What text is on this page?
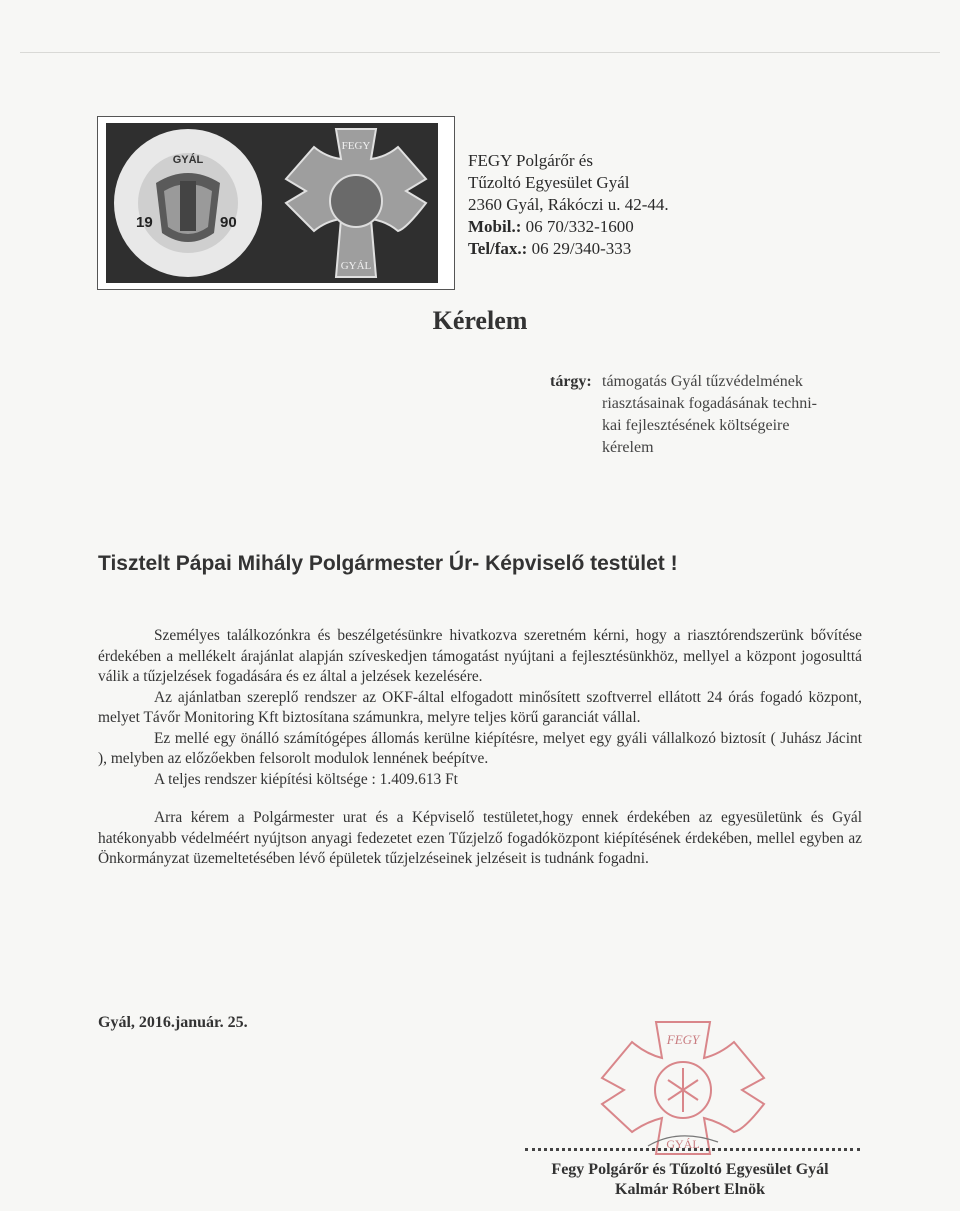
GYÁL
19	90
FEGY
GYÁL
FEGY Polgárőr és
Tűzoltó Egyesület Gyál
2360 Gyál, Rákóczi u. 42-44.
Mobil.: 06 70/332-1600
Tel/fax.: 06 29/340-333
Kérelem
tárgy: támogatás Gyál tűzvédelmének
riasztásainak fogadásának techni-
kai fejlesztésének költségeire
kérelem
Tisztelt Pápai Mihály Polgármester Úr- Képviselő testület !

Személyes találkozónkra és beszélgetésünkre hivatkozva szeretném kérni, hogy a riasztórendszerünk bővítése érdekében a mellékelt árajánlat alapján szíveskedjen támogatást nyújtani a fejlesztésünkhöz, mellyel a központ jogosulttá válik a tűzjelzések fogadására és ez által a jelzések kezelésére.

Az ajánlatban szereplő rendszer az OKF-által elfogadott minősített szoftverrel ellátott 24 órás fogadó központ, melyet Távőr Monitoring Kft biztosítana számunkra, melyre teljes körű garanciát vállal.

Ez mellé egy önálló számítógépes állomás kerülne kiépítésre, melyet egy gyáli vállalkozó biztosít ( Juhász Jácint ), melyben az előzőekben felsorolt modulok lennének beépítve.

A teljes rendszer kiépítési költsége : 1.409.613 Ft

Arra kérem a Polgármester urat és a Képviselő testületet,hogy ennek érdekében az egyesületünk és Gyál hatékonyabb védelméért nyújtson anyagi fedezetet ezen Tűzjelző fogadóközpont kiépítésének érdekében, mellel egyben az Önkormányzat üzemeltetésében lévő épületek tűzjelzéseinek jelzéseit is tudnánk fogadni.

Gyál, 2016.január. 25.
FEGY
GYÁL
Fegy Polgárőr és Tűzoltó Egyesület Gyál
Kalmár Róbert Elnök
